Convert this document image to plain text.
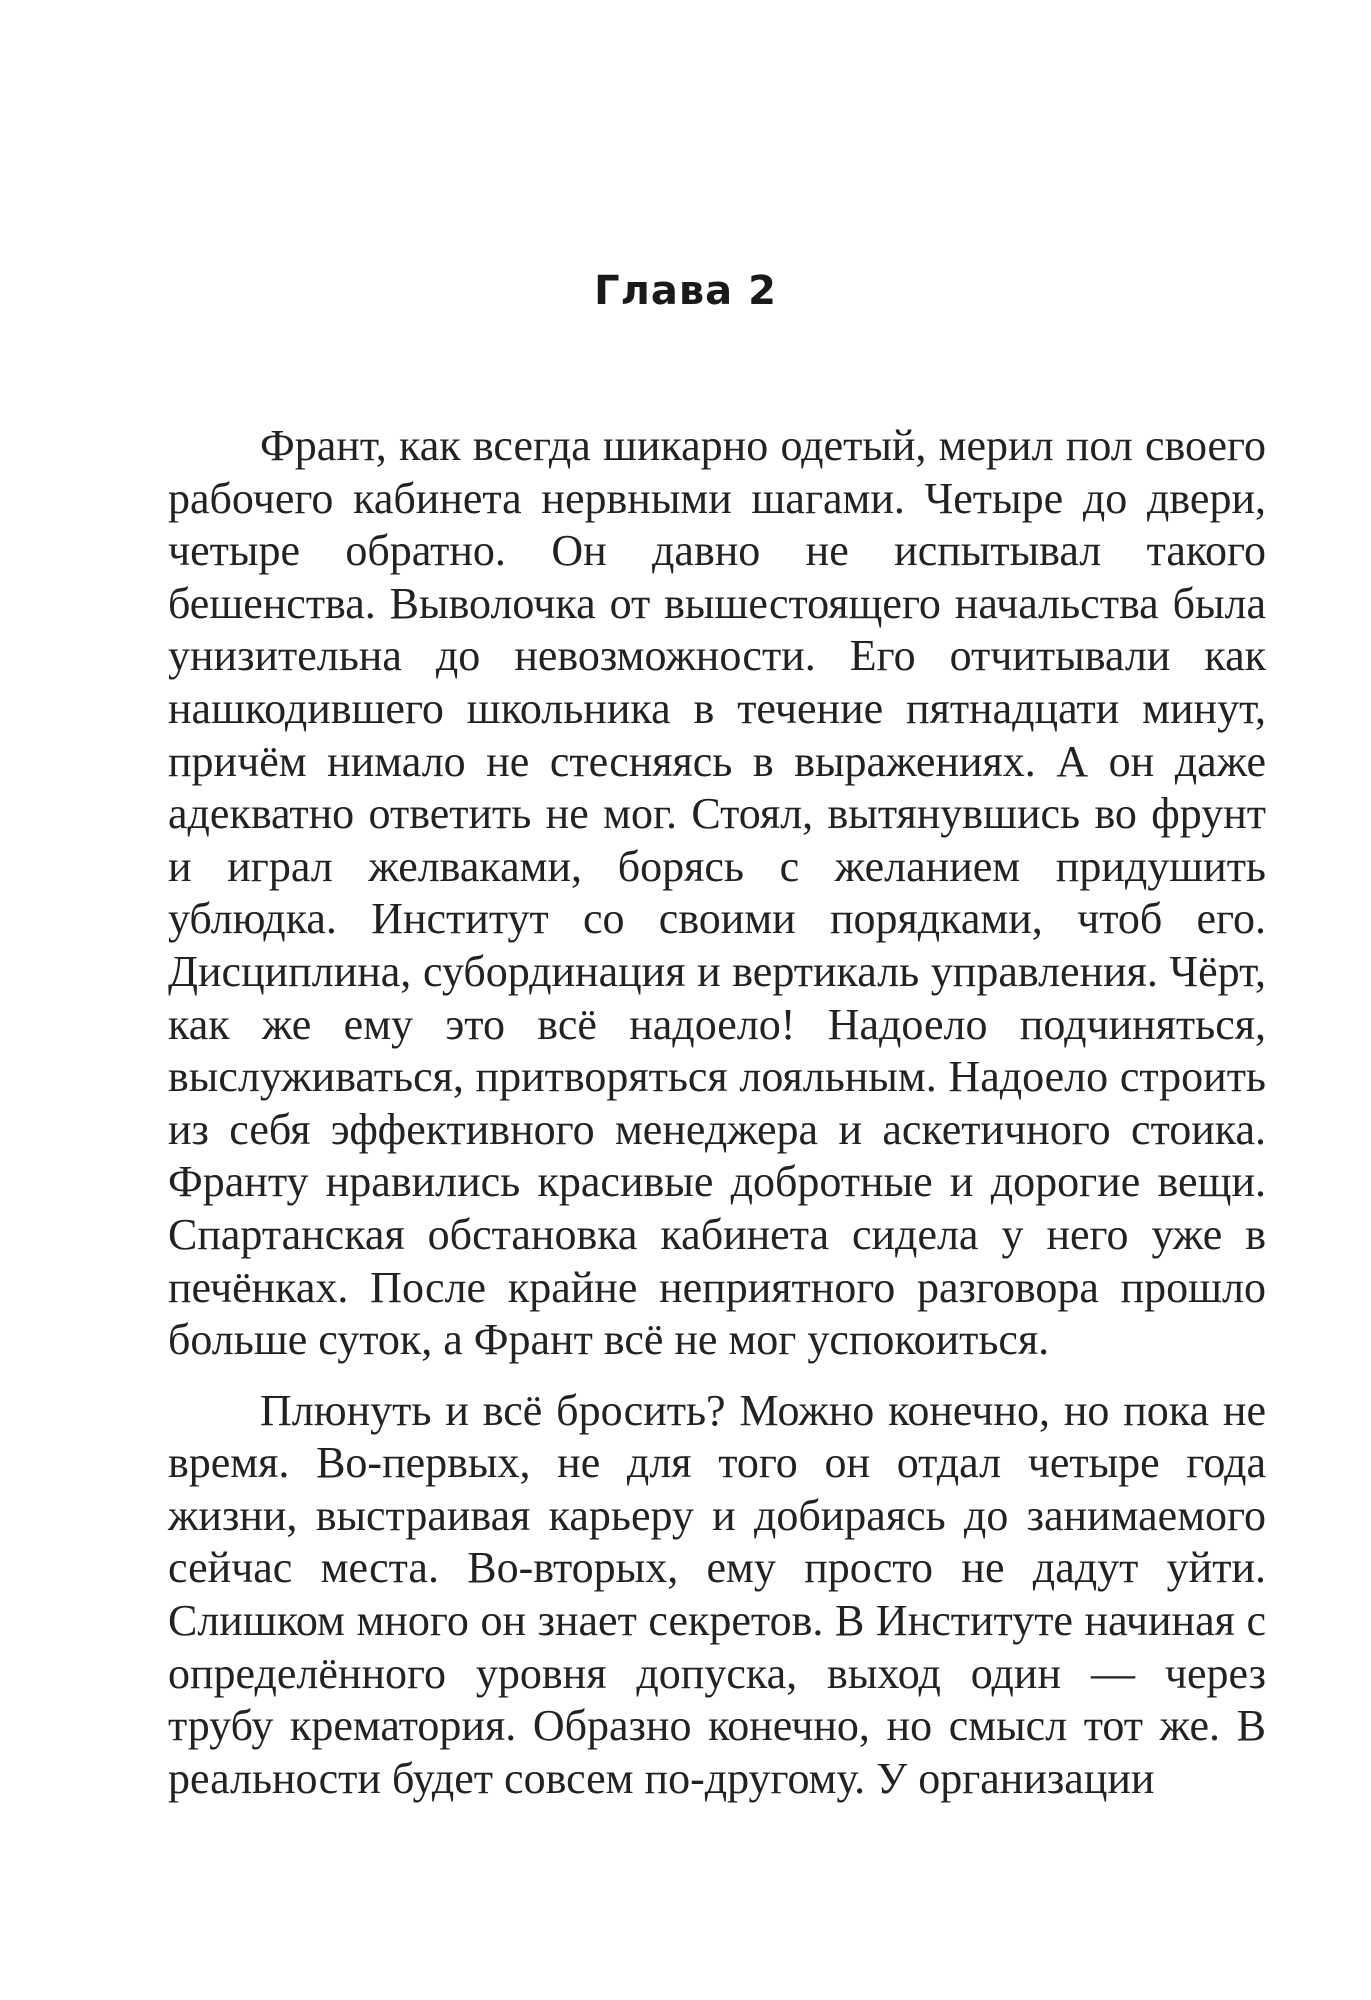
Глава 2

Франт, как всегда шикарно одетый, мерил пол своего рабочего кабинета нервными шагами. Четыре до двери, четыре обратно. Он давно не испытывал такого бешенства. Выволочка от вышестоящего начальства была унизительна до невозможности. Его отчитывали как нашкодившего школьника в течение пятнадцати минут, причём нимало не стесняясь в выражениях. А он даже адекватно ответить не мог. Стоял, вытянувшись во фрунт и играл желваками, борясь с желанием придушить ублюдка. Институт со своими порядками, чтоб его. Дисциплина, субординация и вертикаль управления. Чёрт, как же ему это всё надоело! Надоело подчиняться, выслуживаться, притворяться лояльным. Надоело строить из себя эффективного менеджера и аскетичного стоика. Франту нравились красивые добротные и дорогие вещи. Спартанская обстановка кабинета сидела у него уже в печёнках. После крайне неприятного разговора прошло больше суток, а Франт всё не мог успокоиться.

Плюнуть и всё бросить? Можно конечно, но пока не время. Во-первых, не для того он отдал четыре года жизни, выстраивая карьеру и добираясь до занимаемого сейчас места. Во-вторых, ему просто не дадут уйти. Слишком много он знает секретов. В Институте начиная с определённого уровня допуска, выход один — через трубу крематория. Образно конечно, но смысл тот же. В реальности будет совсем по-другому. У организации
